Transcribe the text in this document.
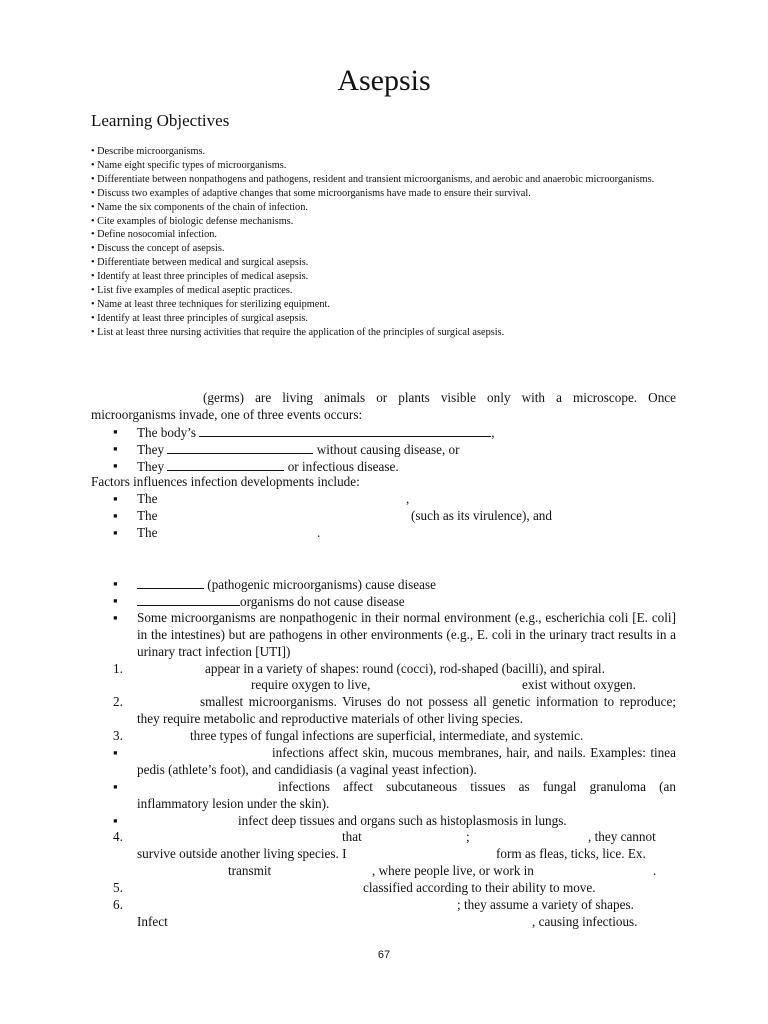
Asepsis
Learning Objectives
• Describe microorganisms.
• Name eight specific types of microorganisms.
• Differentiate between nonpathogens and pathogens, resident and transient microorganisms, and aerobic and anaerobic microorganisms.
• Discuss two examples of adaptive changes that some microorganisms have made to ensure their survival.
• Name the six components of the chain of infection.
• Cite examples of biologic defense mechanisms.
• Define nosocomial infection.
• Discuss the concept of asepsis.
• Differentiate between medical and surgical asepsis.
• Identify at least three principles of medical asepsis.
• List five examples of medical aseptic practices.
• Name at least three techniques for sterilizing equipment.
• Identify at least three principles of surgical asepsis.
• List at least three nursing activities that require the application of the principles of surgical asepsis.
(germs) are living animals or plants visible only with a microscope. Once microorganisms invade, one of three events occurs:
▪ The body’s	,
▪ They	without causing disease, or
▪ They	or infectious disease.
Factors influences infection developments include:
▪ The	,
▪ The	(such as its virulence), and
▪ The	.
▪	(pathogenic microorganisms) cause disease
▪	organisms do not cause disease
▪ Some microorganisms are nonpathogenic in their normal environment (e.g., escherichia coli [E. coli] in the intestines) but are pathogens in other environments (e.g., E. coli in the urinary tract results in a urinary tract infection [UTI])
1.	appear in a variety of shapes: round (cocci), rod-shaped (bacilli), and spiral.
require oxygen to live,	exist without oxygen.
2.	smallest microorganisms. Viruses do not possess all genetic information to reproduce; they require metabolic and reproductive materials of other living species.
3.	three types of fungal infections are superficial, intermediate, and systemic.
▪	infections affect skin, mucous membranes, hair, and nails. Examples: tinea pedis (athlete’s foot), and candidiasis (a vaginal yeast infection).
▪	infections affect subcutaneous tissues as fungal granuloma (an inflammatory lesion under the skin).
▪	infect deep tissues and organs such as histoplasmosis in lungs.
4.	that	;	, they cannot
survive outside another living species. I	form as fleas, ticks, lice. Ex.
transmit	, where people live, or work in	.
5.	classified according to their ability to move.
6.	; they assume a variety of shapes.
Infect	, causing infectious.
67
